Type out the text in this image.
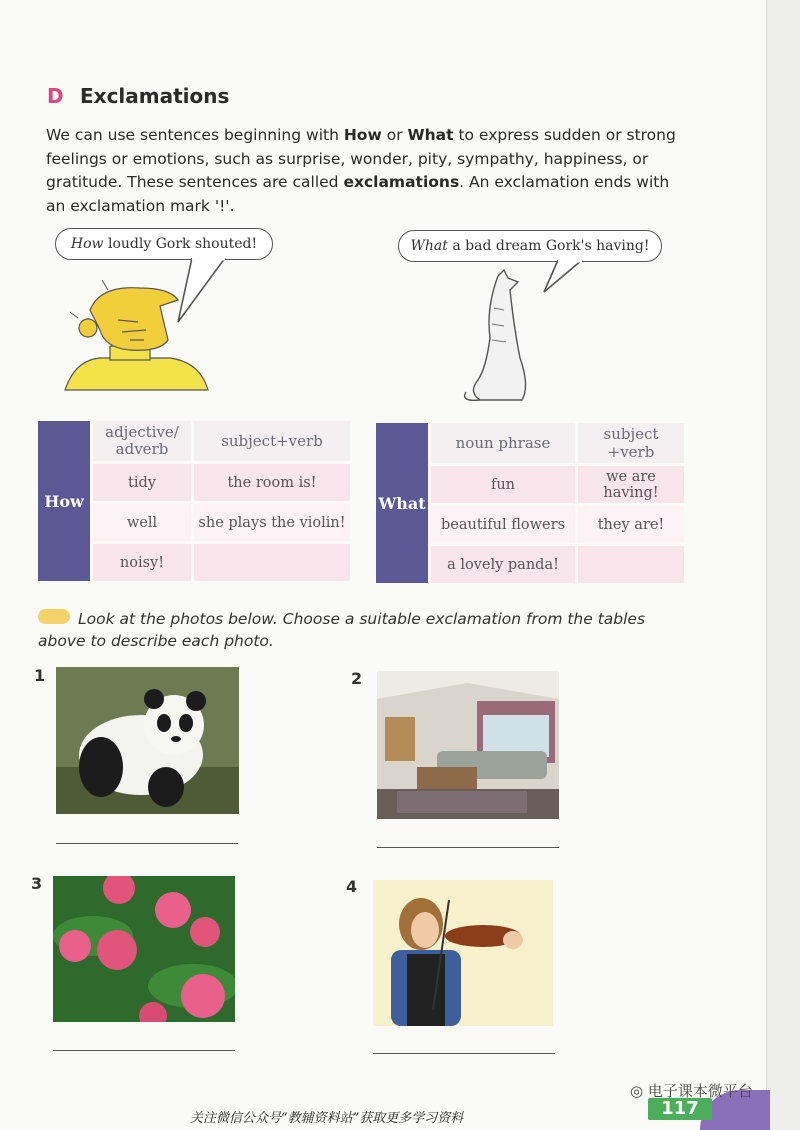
D Exclamations
We can use sentences beginning with How or What to express sudden or strong feelings or emotions, such as surprise, wonder, pity, sympathy, happiness, or gratitude. These sentences are called exclamations. An exclamation ends with an exclamation mark '!'.
How loudly Gork shouted!	What a bad dream Gork's having!
How	adjective/ adverb	subject+verb
	tidy	the room is!
	well	she plays the violin!
	noisy!	
What	noun phrase	subject +verb
	fun	we are having!
	beautiful flowers	they are!
	a lovely panda!	
Look at the photos below. Choose a suitable exclamation from the tables above to describe each photo.
1	2
3	4
117
◎ 电子课本微平台
关注微信公众号“教辅资料站”获取更多学习资料
